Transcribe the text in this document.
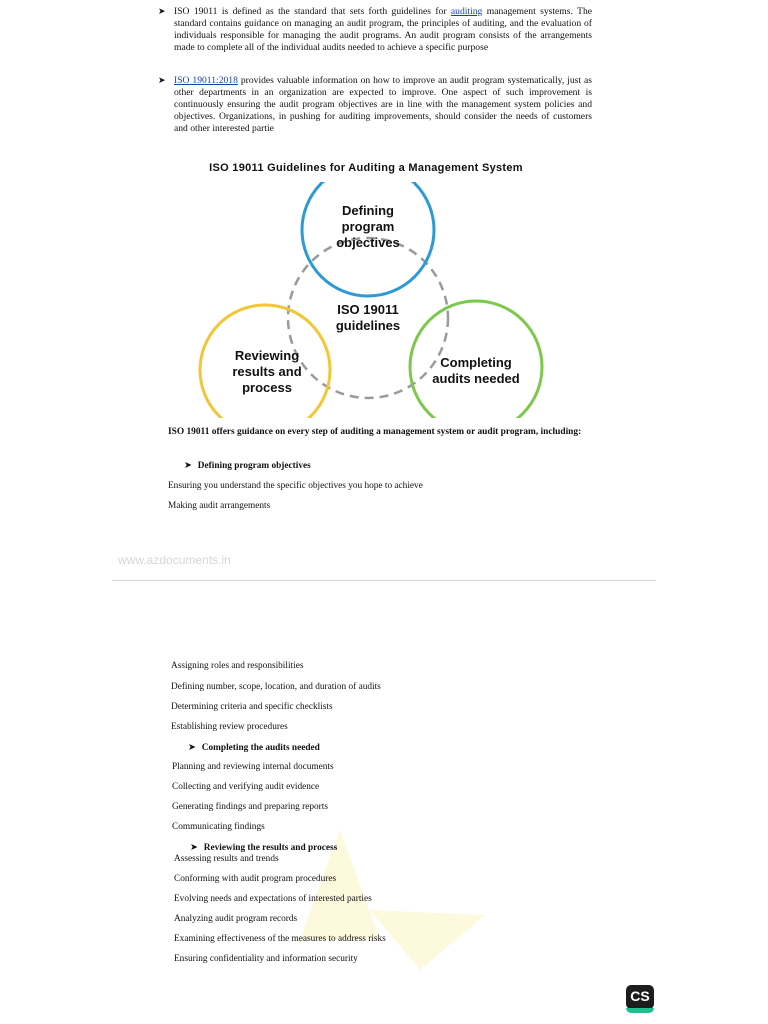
➤ ISO 19011 is defined as the standard that sets forth guidelines for auditing management systems. The standard contains guidance on managing an audit program, the principles of auditing, and the evaluation of individuals responsible for managing the audit programs. An audit program consists of the arrangements made to complete all of the individual audits needed to achieve a specific purpose
➤ ISO 19011:2018 provides valuable information on how to improve an audit program systematically, just as other departments in an organization are expected to improve. One aspect of such improvement is continuously ensuring the audit program objectives are in line with the management system policies and objectives. Organizations, in pushing for auditing improvements, should consider the needs of customers and other interested partie
ISO 19011 Guidelines for Auditing a Management System
Defining
program
objectives
ISO 19011
guidelines
Reviewing
results and
process
Completing
audits needed
ISO 19011 offers guidance on every step of auditing a management system or audit program, including:
➤ Defining program objectives
Ensuring you understand the specific objectives you hope to achieve
Making audit arrangements
www.azdocuments.in
Assigning roles and responsibilities
Defining number, scope, location, and duration of audits
Determining criteria and specific checklists
Establishing review procedures
➤ Completing the audits needed
Planning and reviewing internal documents
Collecting and verifying audit evidence
Generating findings and preparing reports
Communicating findings
➤ Reviewing the results and process
Assessing results and trends
Conforming with audit program procedures
Evolving needs and expectations of interested parties
Analyzing audit program records
Examining effectiveness of the measures to address risks
Ensuring confidentiality and information security
CS
